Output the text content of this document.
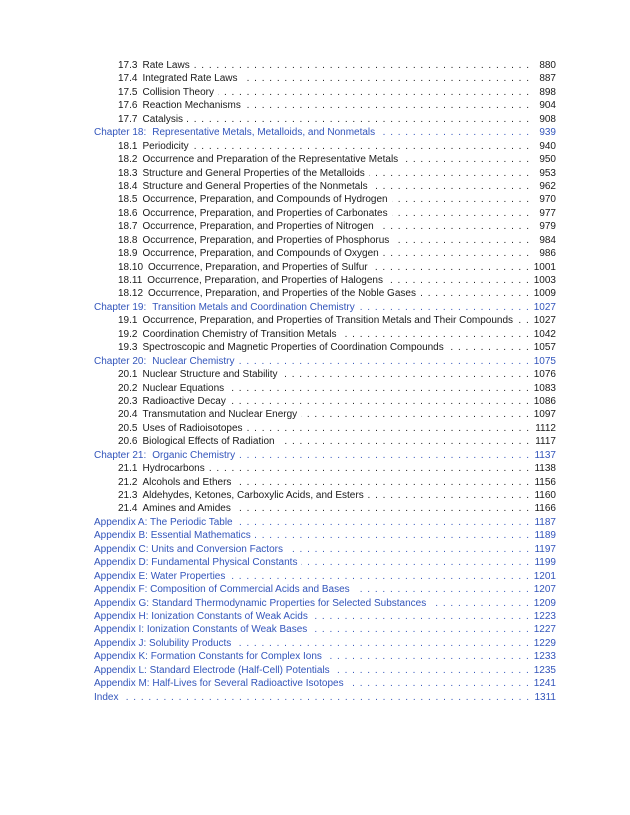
17.3 Rate Laws . . .	880
17.4 Integrated Rate Laws . . .	887
17.5 Collision Theory . . .	898
17.6 Reaction Mechanisms . . .	904
17.7 Catalysis . . .	908
Chapter 18: Representative Metals, Metalloids, and Nonmetals . . .	939
18.1 Periodicity . . .	940
18.2 Occurrence and Preparation of the Representative Metals . . .	950
18.3 Structure and General Properties of the Metalloids . . .	953
18.4 Structure and General Properties of the Nonmetals . . .	962
18.5 Occurrence, Preparation, and Compounds of Hydrogen . . .	970
18.6 Occurrence, Preparation, and Properties of Carbonates . . .	977
18.7 Occurrence, Preparation, and Properties of Nitrogen . . .	979
18.8 Occurrence, Preparation, and Properties of Phosphorus . . .	984
18.9 Occurrence, Preparation, and Compounds of Oxygen . . .	986
18.10 Occurrence, Preparation, and Properties of Sulfur . . .	1001
18.11 Occurrence, Preparation, and Properties of Halogens . . .	1003
18.12 Occurrence, Preparation, and Properties of the Noble Gases . . .	1009
Chapter 19: Transition Metals and Coordination Chemistry . . .	1027
19.1 Occurrence, Preparation, and Properties of Transition Metals and Their Compounds . . . 1027
19.2 Coordination Chemistry of Transition Metals . . .	1042
19.3 Spectroscopic and Magnetic Properties of Coordination Compounds . . .	1057
Chapter 20: Nuclear Chemistry . . .	1075
20.1 Nuclear Structure and Stability . . .	1076
20.2 Nuclear Equations . . .	1083
20.3 Radioactive Decay . . .	1086
20.4 Transmutation and Nuclear Energy . . .	1097
20.5 Uses of Radioisotopes . . .	1112
20.6 Biological Effects of Radiation . . .	1117
Chapter 21: Organic Chemistry . . .	1137
21.1 Hydrocarbons . . .	1138
21.2 Alcohols and Ethers . . .	1156
21.3 Aldehydes, Ketones, Carboxylic Acids, and Esters . . .	1160
21.4 Amines and Amides . . .	1166
Appendix A: The Periodic Table . . .	1187
Appendix B: Essential Mathematics . . .	1189
Appendix C: Units and Conversion Factors . . .	1197
Appendix D: Fundamental Physical Constants . . .	1199
Appendix E: Water Properties . . .	1201
Appendix F: Composition of Commercial Acids and Bases . . .	1207
Appendix G: Standard Thermodynamic Properties for Selected Substances . . .	1209
Appendix H: Ionization Constants of Weak Acids . . .	1223
Appendix I: Ionization Constants of Weak Bases . . .	1227
Appendix J: Solubility Products . . .	1229
Appendix K: Formation Constants for Complex Ions . . .	1233
Appendix L: Standard Electrode (Half-Cell) Potentials . . .	1235
Appendix M: Half-Lives for Several Radioactive Isotopes . . .	1241
Index . . .	1311
